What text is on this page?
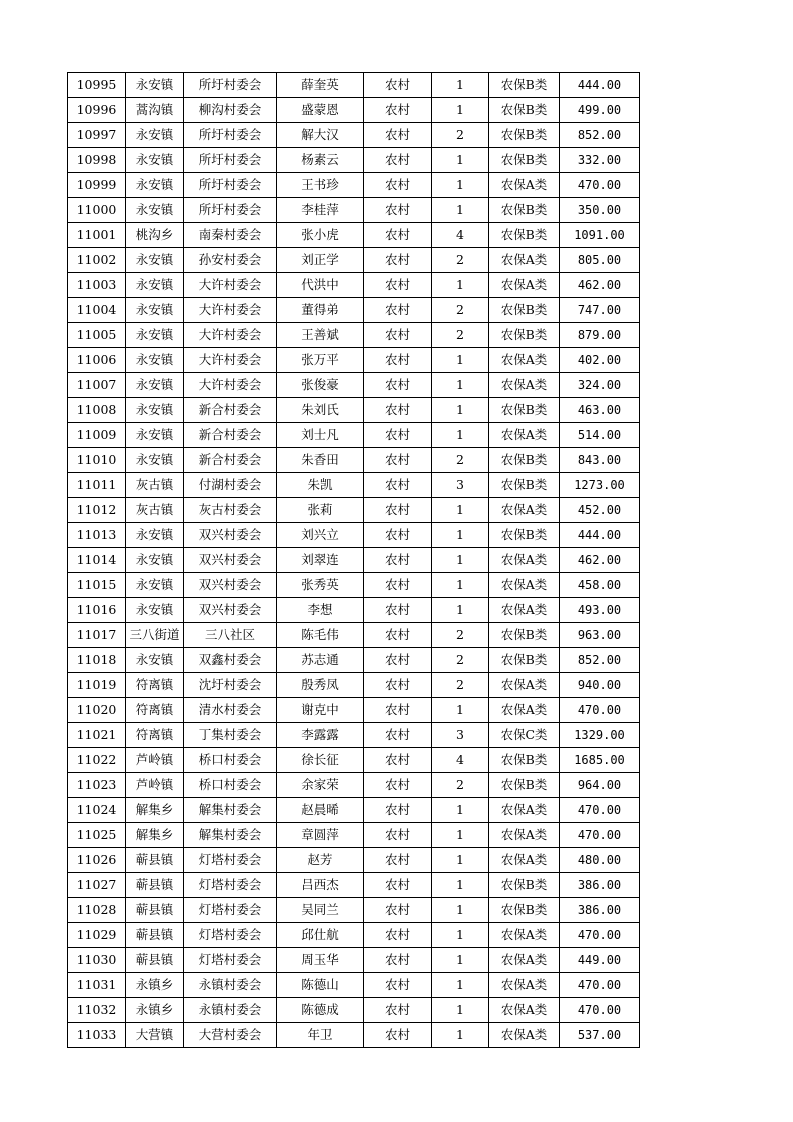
10995	永安镇	所圩村委会	薛奎英	农村	1	农保B类	444.00
10996	蒿沟镇	柳沟村委会	盛蒙恩	农村	1	农保B类	499.00
10997	永安镇	所圩村委会	解大汉	农村	2	农保B类	852.00
10998	永安镇	所圩村委会	杨素云	农村	1	农保B类	332.00
10999	永安镇	所圩村委会	王书珍	农村	1	农保A类	470.00
11000	永安镇	所圩村委会	李桂萍	农村	1	农保B类	350.00
11001	桃沟乡	南秦村委会	张小虎	农村	4	农保B类	1091.00
11002	永安镇	孙安村委会	刘正学	农村	2	农保A类	805.00
11003	永安镇	大许村委会	代洪中	农村	1	农保A类	462.00
11004	永安镇	大许村委会	董得弟	农村	2	农保B类	747.00
11005	永安镇	大许村委会	王善斌	农村	2	农保B类	879.00
11006	永安镇	大许村委会	张万平	农村	1	农保A类	402.00
11007	永安镇	大许村委会	张俊豪	农村	1	农保A类	324.00
11008	永安镇	新合村委会	朱刘氏	农村	1	农保B类	463.00
11009	永安镇	新合村委会	刘士凡	农村	1	农保A类	514.00
11010	永安镇	新合村委会	朱香田	农村	2	农保B类	843.00
11011	灰古镇	付湖村委会	朱凯	农村	3	农保B类	1273.00
11012	灰古镇	灰古村委会	张莉	农村	1	农保A类	452.00
11013	永安镇	双兴村委会	刘兴立	农村	1	农保B类	444.00
11014	永安镇	双兴村委会	刘翠连	农村	1	农保A类	462.00
11015	永安镇	双兴村委会	张秀英	农村	1	农保A类	458.00
11016	永安镇	双兴村委会	李想	农村	1	农保A类	493.00
11017	三八街道	三八社区	陈毛伟	农村	2	农保B类	963.00
11018	永安镇	双鑫村委会	苏志通	农村	2	农保B类	852.00
11019	符离镇	沈圩村委会	殷秀凤	农村	2	农保A类	940.00
11020	符离镇	清水村委会	谢克中	农村	1	农保A类	470.00
11021	符离镇	丁集村委会	李露露	农村	3	农保C类	1329.00
11022	芦岭镇	桥口村委会	徐长征	农村	4	农保B类	1685.00
11023	芦岭镇	桥口村委会	余家荣	农村	2	农保B类	964.00
11024	解集乡	解集村委会	赵晨晞	农村	1	农保A类	470.00
11025	解集乡	解集村委会	章圆萍	农村	1	农保A类	470.00
11026	蕲县镇	灯塔村委会	赵芳	农村	1	农保A类	480.00
11027	蕲县镇	灯塔村委会	吕西杰	农村	1	农保B类	386.00
11028	蕲县镇	灯塔村委会	吴同兰	农村	1	农保B类	386.00
11029	蕲县镇	灯塔村委会	邱仕航	农村	1	农保A类	470.00
11030	蕲县镇	灯塔村委会	周玉华	农村	1	农保A类	449.00
11031	永镇乡	永镇村委会	陈德山	农村	1	农保A类	470.00
11032	永镇乡	永镇村委会	陈德成	农村	1	农保A类	470.00
11033	大营镇	大营村委会	年卫	农村	1	农保A类	537.00
